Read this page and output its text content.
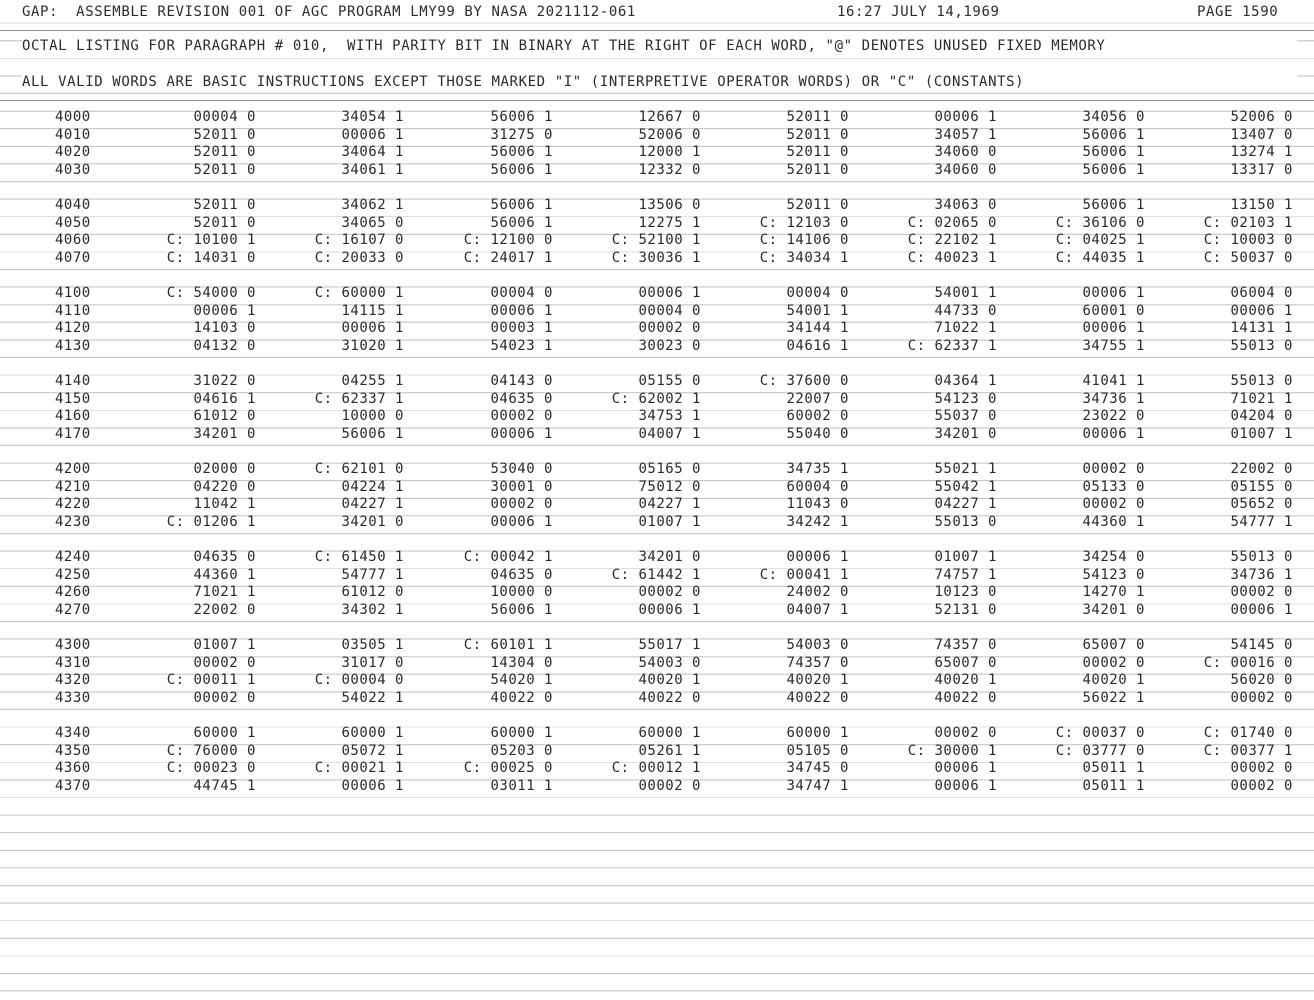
GAP:  ASSEMBLE REVISION 001 OF AGC PROGRAM LMY99 BY NASA 2021112-061

	16:27 JULY 14,1969

	PAGE 1590

OCTAL LISTING FOR PARAGRAPH # 010,  WITH PARITY BIT IN BINARY AT THE RIGHT OF EACH WORD, "@" DENOTES UNUSED FIXED MEMORY

ALL VALID WORDS ARE BASIC INSTRUCTIONS EXCEPT THOSE MARKED "I" (INTERPRETIVE OPERATOR WORDS) OR "C" (CONSTANTS)

4000	00004 0	34054 1	56006 1	12667 0	52011 0	00006 1	34056 0	52006 0
4010	52011 0	00006 1	31275 0	52006 0	52011 0	34057 1	56006 1	13407 0
4020	52011 0	34064 1	56006 1	12000 1	52011 0	34060 0	56006 1	13274 1
4030	52011 0	34061 1	56006 1	12332 0	52011 0	34060 0	56006 1	13317 0
4040	52011 0	34062 1	56006 1	13506 0	52011 0	34063 0	56006 1	13150 1
4050	52011 0	34065 0	56006 1	12275 1	C: 12103 0	C: 02065 0	C: 36106 0	C: 02103 1
4060	C: 10100 1	C: 16107 0	C: 12100 0	C: 52100 1	C: 14106 0	C: 22102 1	C: 04025 1	C: 10003 0
4070	C: 14031 0	C: 20033 0	C: 24017 1	C: 30036 1	C: 34034 1	C: 40023 1	C: 44035 1	C: 50037 0
4100	C: 54000 0	C: 60000 1	00004 0	00006 1	00004 0	54001 1	00006 1	06004 0
4110	00006 1	14115 1	00006 1	00004 0	54001 1	44733 0	60001 0	00006 1
4120	14103 0	00006 1	00003 1	00002 0	34144 1	71022 1	00006 1	14131 1
4130	04132 0	31020 1	54023 1	30023 0	04616 1	C: 62337 1	34755 1	55013 0
4140	31022 0	04255 1	04143 0	05155 0	C: 37600 0	04364 1	41041 1	55013 0
4150	04616 1	C: 62337 1	04635 0	C: 62002 1	22007 0	54123 0	34736 1	71021 1
4160	61012 0	10000 0	00002 0	34753 1	60002 0	55037 0	23022 0	04204 0
4170	34201 0	56006 1	00006 1	04007 1	55040 0	34201 0	00006 1	01007 1
4200	02000 0	C: 62101 0	53040 0	05165 0	34735 1	55021 1	00002 0	22002 0
4210	04220 0	04224 1	30001 0	75012 0	60004 0	55042 1	05133 0	05155 0
4220	11042 1	04227 1	00002 0	04227 1	11043 0	04227 1	00002 0	05652 0
4230	C: 01206 1	34201 0	00006 1	01007 1	34242 1	55013 0	44360 1	54777 1
4240	04635 0	C: 61450 1	C: 00042 1	34201 0	00006 1	01007 1	34254 0	55013 0
4250	44360 1	54777 1	04635 0	C: 61442 1	C: 00041 1	74757 1	54123 0	34736 1
4260	71021 1	61012 0	10000 0	00002 0	24002 0	10123 0	14270 1	00002 0
4270	22002 0	34302 1	56006 1	00006 1	04007 1	52131 0	34201 0	00006 1
4300	01007 1	03505 1	C: 60101 1	55017 1	54003 0	74357 0	65007 0	54145 0
4310	00002 0	31017 0	14304 0	54003 0	74357 0	65007 0	00002 0	C: 00016 0
4320	C: 00011 1	C: 00004 0	54020 1	40020 1	40020 1	40020 1	40020 1	56020 0
4330	00002 0	54022 1	40022 0	40022 0	40022 0	40022 0	56022 1	00002 0
4340	60000 1	60000 1	60000 1	60000 1	60000 1	00002 0	C: 00037 0	C: 01740 0
4350	C: 76000 0	05072 1	05203 0	05261 1	05105 0	C: 30000 1	C: 03777 0	C: 00377 1
4360	C: 00023 0	C: 00021 1	C: 00025 0	C: 00012 1	34745 0	00006 1	05011 1	00002 0
4370	44745 1	00006 1	03011 1	00002 0	34747 1	00006 1	05011 1	00002 0
